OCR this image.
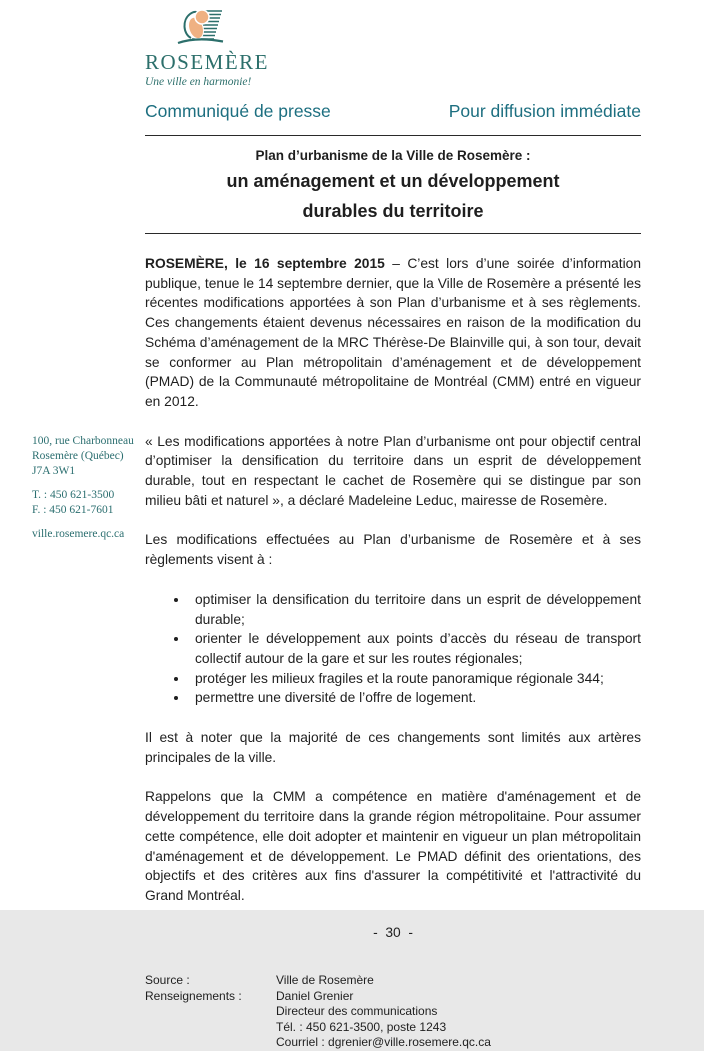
100, rue Charbonneau
Rosemère (Québec)
J7A 3W1
T. : 450 621-3500
F. : 450 621-7601
ville.rosemere.qc.ca
ROSEMÈRE
Une ville en harmonie!
Communiqué de presse	Pour diffusion immédiate
Plan d’urbanisme de la Ville de Rosemère :
un aménagement et un développement
durables du territoire

ROSEMÈRE, le 16 septembre 2015 – C’est lors d’une soirée d’information publique, tenue le 14 septembre dernier, que la Ville de Rosemère a présenté les récentes modifications apportées à son Plan d’urbanisme et à ses règlements. Ces changements étaient devenus nécessaires en raison de la modification du Schéma d’aménagement de la MRC Thérèse-De Blainville qui, à son tour, devait se conformer au Plan métropolitain d’aménagement et de développement (PMAD) de la Communauté métropolitaine de Montréal (CMM) entré en vigueur en 2012.

« Les modifications apportées à notre Plan d’urbanisme ont pour objectif central d’optimiser la densification du territoire dans un esprit de développement durable, tout en respectant le cachet de Rosemère qui se distingue par son milieu bâti et naturel », a déclaré Madeleine Leduc, mairesse de Rosemère.

Les modifications effectuées au Plan d’urbanisme de Rosemère et à ses règlements visent à :

• optimiser la densification du territoire dans un esprit de développement durable;
• orienter le développement aux points d’accès du réseau de transport collectif autour de la gare et sur les routes régionales;
• protéger les milieux fragiles et la route panoramique régionale 344;
• permettre une diversité de l’offre de logement.

Il est à noter que la majorité de ces changements sont limités aux artères principales de la ville.

Rappelons que la CMM a compétence en matière d'aménagement et de développement du territoire dans la grande région métropolitaine. Pour assumer cette compétence, elle doit adopter et maintenir en vigueur un plan métropolitain d'aménagement et de développement. Le PMAD définit des orientations, des objectifs et des critères aux fins d'assurer la compétitivité et l'attractivité du Grand Montréal.

-  30  -
Source :	Ville de Rosemère
Renseignements :	Daniel Grenier
Directeur des communications
Tél. : 450 621-3500, poste 1243
Courriel : dgrenier@ville.rosemere.qc.ca
